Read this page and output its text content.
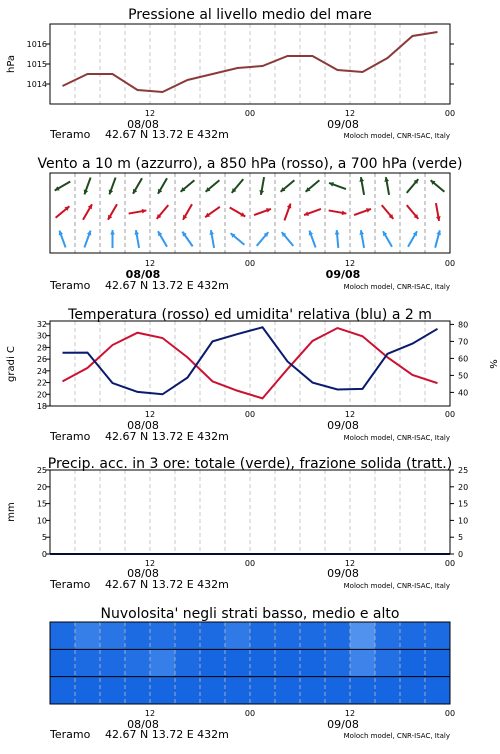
1014
1015
1016
hPa
Pressione al livello medio del mare
12	00	12	00
08/08	09/08
Teramo 42.67 N 13.72 E 432m	Moloch model, CNR-ISAC, Italy
Vento a 10 m (azzurro), a 850 hPa (rosso), a 700 hPa (verde)
12	00	12	00
08/08	09/08
Teramo 42.67 N 13.72 E 432m	Moloch model, CNR-ISAC, Italy
18
20
22
24
26
28
30
32
40
50
60
70
80
gradi C	%
Temperatura (rosso) ed umidita' relativa (blu) a 2 m
12	00	12	00
08/08	09/08
Teramo 42.67 N 13.72 E 432m	Moloch model, CNR-ISAC, Italy
0	0
5	5
10	10
15	15
20	20
25	25
mm
Precip. acc. in 3 ore: totale (verde), frazione solida (tratt.)
12	00	12	00
08/08	09/08
Teramo 42.67 N 13.72 E 432m	Moloch model, CNR-ISAC, Italy
Nuvolosita' negli strati basso, medio e alto
12	00	12	00
08/08	09/08
Teramo 42.67 N 13.72 E 432m	Moloch model, CNR-ISAC, Italy
